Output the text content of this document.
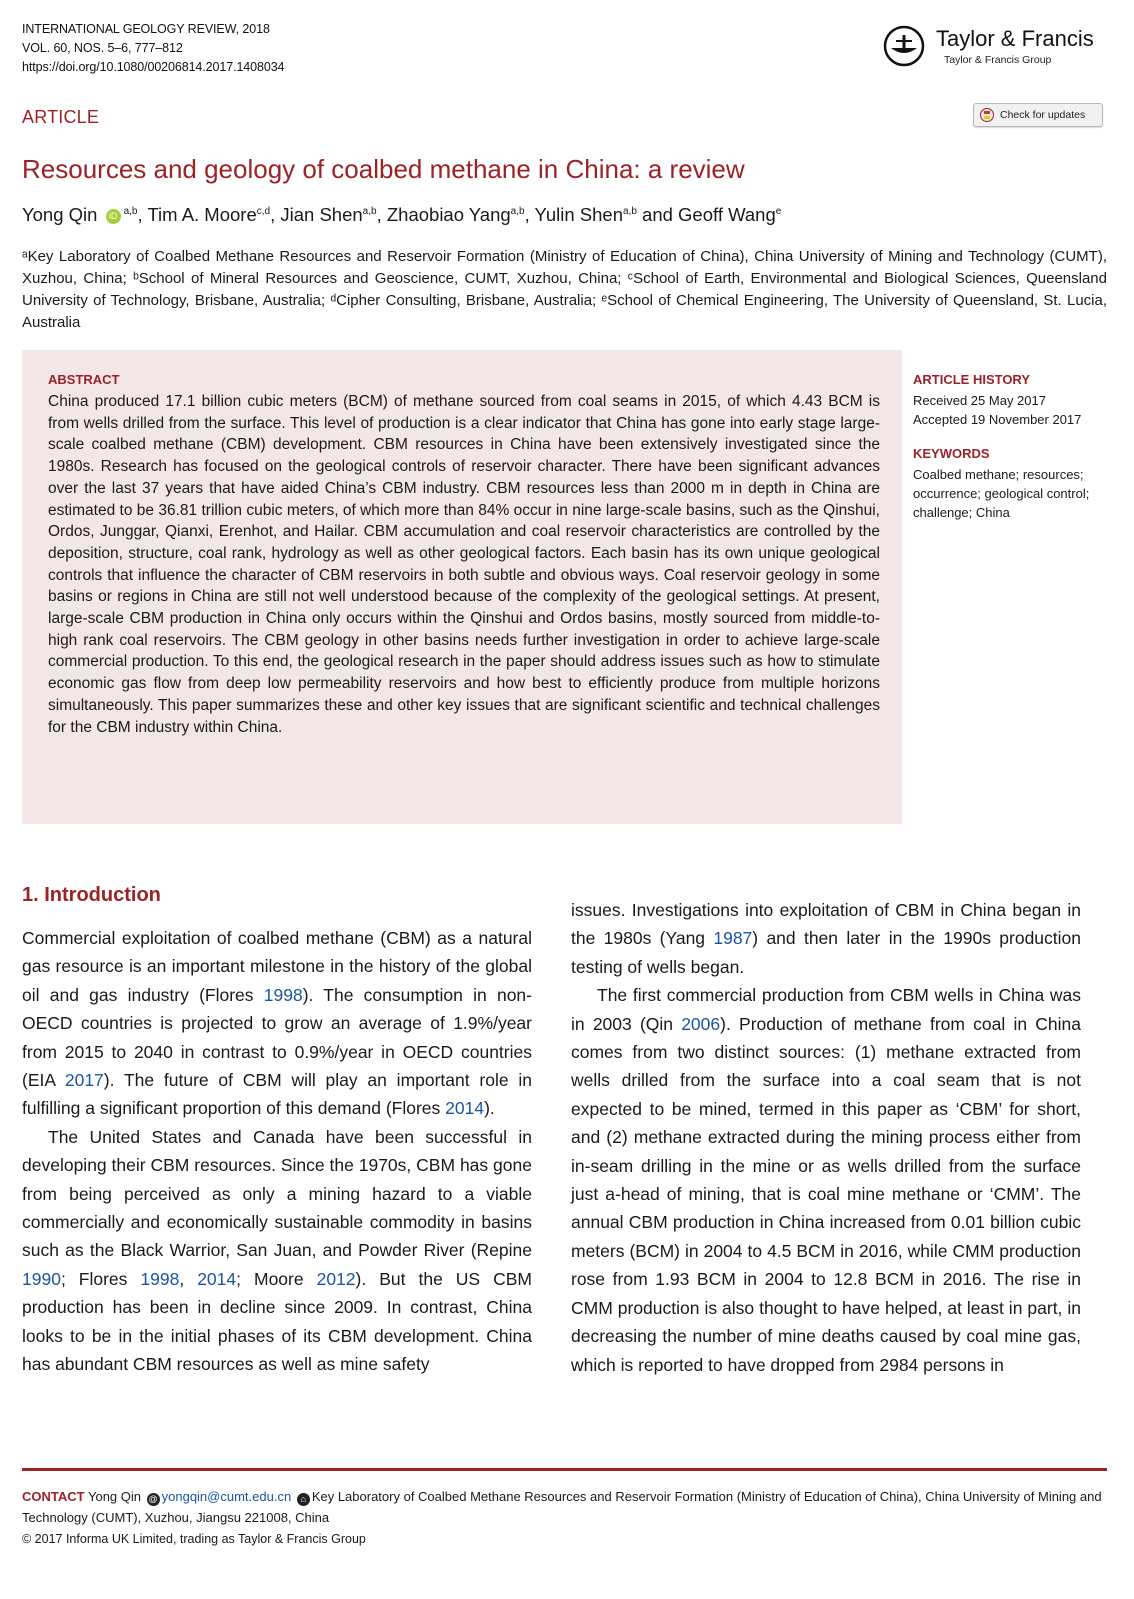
INTERNATIONAL GEOLOGY REVIEW, 2018
VOL. 60, NOS. 5–6, 777–812
https://doi.org/10.1080/00206814.2017.1408034
Taylor & Francis
Taylor & Francis Group
Check for updates
ARTICLE
Resources and geology of coalbed methane in China: a review
Yong Qin iD $^{a,b}$, Tim A. Moore$^{c,d}$, Jian Shen$^{a,b}$, Zhaobiao Yang$^{a,b}$, Yulin Shen$^{a,b}$ and Geoff Wang$^e$
ᵃKey Laboratory of Coalbed Methane Resources and Reservoir Formation (Ministry of Education of China), China University of Mining and Technology (CUMT), Xuzhou, China; ᵇSchool of Mineral Resources and Geoscience, CUMT, Xuzhou, China; ᶜSchool of Earth, Environmental and Biological Sciences, Queensland University of Technology, Brisbane, Australia; ᵈCipher Consulting, Brisbane, Australia; ᵉSchool of Chemical Engineering, The University of Queensland, St. Lucia, Australia
ABSTRACT
China produced 17.1 billion cubic meters (BCM) of methane sourced from coal seams in 2015, of which 4.43 BCM is from wells drilled from the surface. This level of production is a clear indicator that China has gone into early stage large-scale coalbed methane (CBM) development. CBM resources in China have been extensively investigated since the 1980s. Research has focused on the geological controls of reservoir character. There have been significant advances over the last 37 years that have aided China’s CBM industry. CBM resources less than 2000 m in depth in China are estimated to be 36.81 trillion cubic meters, of which more than 84% occur in nine large-scale basins, such as the Qinshui, Ordos, Junggar, Qianxi, Erenhot, and Hailar. CBM accumulation and coal reservoir characteristics are controlled by the deposition, structure, coal rank, hydrology as well as other geological factors. Each basin has its own unique geological controls that influence the character of CBM reservoirs in both subtle and obvious ways. Coal reservoir geology in some basins or regions in China are still not well understood because of the complexity of the geological settings. At present, large-scale CBM production in China only occurs within the Qinshui and Ordos basins, mostly sourced from middle-to-high rank coal reservoirs. The CBM geology in other basins needs further investigation in order to achieve large-scale commercial production. To this end, the geological research in the paper should address issues such as how to stimulate economic gas flow from deep low permeability reservoirs and how best to efficiently produce from multiple horizons simultaneously. This paper summarizes these and other key issues that are significant scientific and technical challenges for the CBM industry within China.
ARTICLE HISTORY
Received 25 May 2017
Accepted 19 November 2017
KEYWORDS
Coalbed methane; resources; occurrence; geological control; challenge; China
1. Introduction

Commercial exploitation of coalbed methane (CBM) as a natural gas resource is an important milestone in the history of the global oil and gas industry (Flores 1998). The consumption in non-OECD countries is projected to grow an average of 1.9%/year from 2015 to 2040 in contrast to 0.9%/year in OECD countries (EIA 2017). The future of CBM will play an important role in fulfilling a significant proportion of this demand (Flores 2014).

The United States and Canada have been successful in developing their CBM resources. Since the 1970s, CBM has gone from being perceived as only a mining hazard to a viable commercially and economically sustainable commodity in basins such as the Black Warrior, San Juan, and Powder River (Repine 1990; Flores 1998, 2014; Moore 2012). But the US CBM production has been in decline since 2009. In contrast, China looks to be in the initial phases of its CBM development. China has abundant CBM resources as well as mine safety

issues. Investigations into exploitation of CBM in China began in the 1980s (Yang 1987) and then later in the 1990s production testing of wells began.

The first commercial production from CBM wells in China was in 2003 (Qin 2006). Production of methane from coal in China comes from two distinct sources: (1) methane extracted from wells drilled from the surface into a coal seam that is not expected to be mined, termed in this paper as ‘CBM’ for short, and (2) methane extracted during the mining process either from in-seam drilling in the mine or as wells drilled from the surface just a-head of mining, that is coal mine methane or ‘CMM’. The annual CBM production in China increased from 0.01 billion cubic meters (BCM) in 2004 to 4.5 BCM in 2016, while CMM production rose from 1.93 BCM in 2004 to 12.8 BCM in 2016. The rise in CMM production is also thought to have helped, at least in part, in decreasing the number of mine deaths caused by coal mine gas, which is reported to have dropped from 2984 persons in

CONTACT Yong Qin @ yongqin@cumt.edu.cn ⌂ Key Laboratory of Coalbed Methane Resources and Reservoir Formation (Ministry of Education of China), China University of Mining and Technology (CUMT), Xuzhou, Jiangsu 221008, China
© 2017 Informa UK Limited, trading as Taylor & Francis Group
